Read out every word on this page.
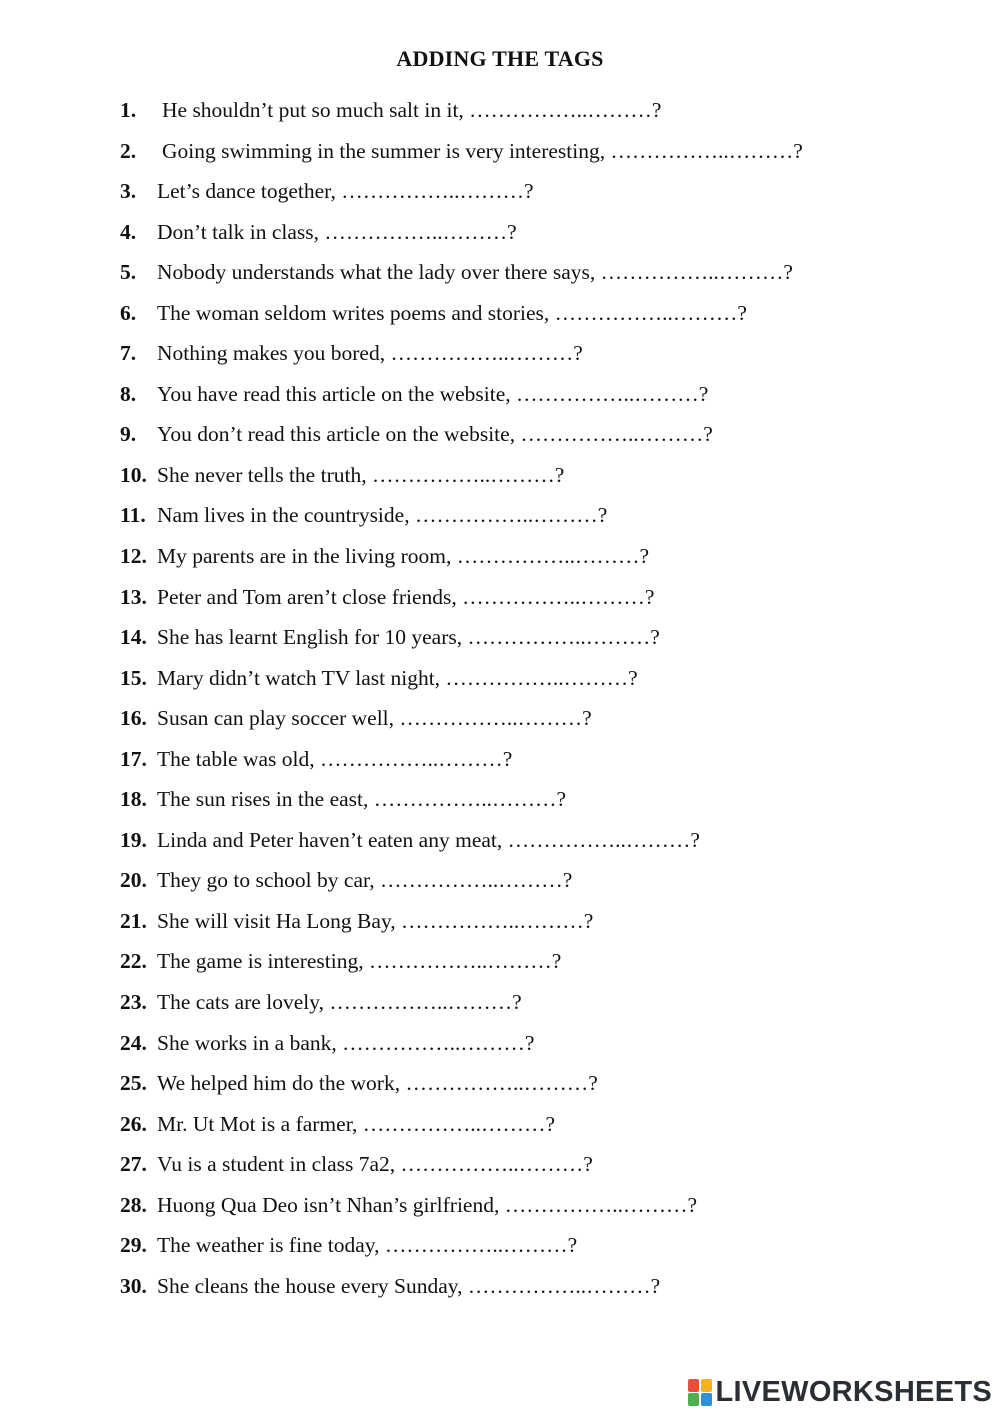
ADDING THE TAGS
1. He shouldn’t put so much salt in it, ……………..………?
2. Going swimming in the summer is very interesting, ……………..………?
3. Let’s dance together, ……………..………?
4. Don’t talk in class, ……………..………?
5. Nobody understands what the lady over there says, ……………..………?
6. The woman seldom writes poems and stories, ……………..………?
7. Nothing makes you bored, ……………..………?
8. You have read this article on the website, ……………..………?
9. You don’t read this article on the website, ……………..………?
10. She never tells the truth, ……………..………?
11. Nam lives in the countryside, ……………..………?
12. My parents are in the living room, ……………..………?
13. Peter and Tom aren’t close friends, ……………..………?
14. She has learnt English for 10 years, ……………..………?
15. Mary didn’t watch TV last night, ……………..………?
16. Susan can play soccer well, ……………..………?
17. The table was old, ……………..………?
18. The sun rises in the east, ……………..………?
19. Linda and Peter haven’t eaten any meat, ……………..………?
20. They go to school by car, ……………..………?
21. She will visit Ha Long Bay, ……………..………?
22. The game is interesting, ……………..………?
23. The cats are lovely, ……………..………?
24. She works in a bank, ……………..………?
25. We helped him do the work, ……………..………?
26. Mr. Ut Mot is a farmer, ……………..………?
27. Vu is a student in class 7a2, ……………..………?
28. Huong Qua Deo isn’t Nhan’s girlfriend, ……………..………?
29. The weather is fine today, ……………..………?
30. She cleans the house every Sunday, ……………..………?
LIVEWORKSHEETS
